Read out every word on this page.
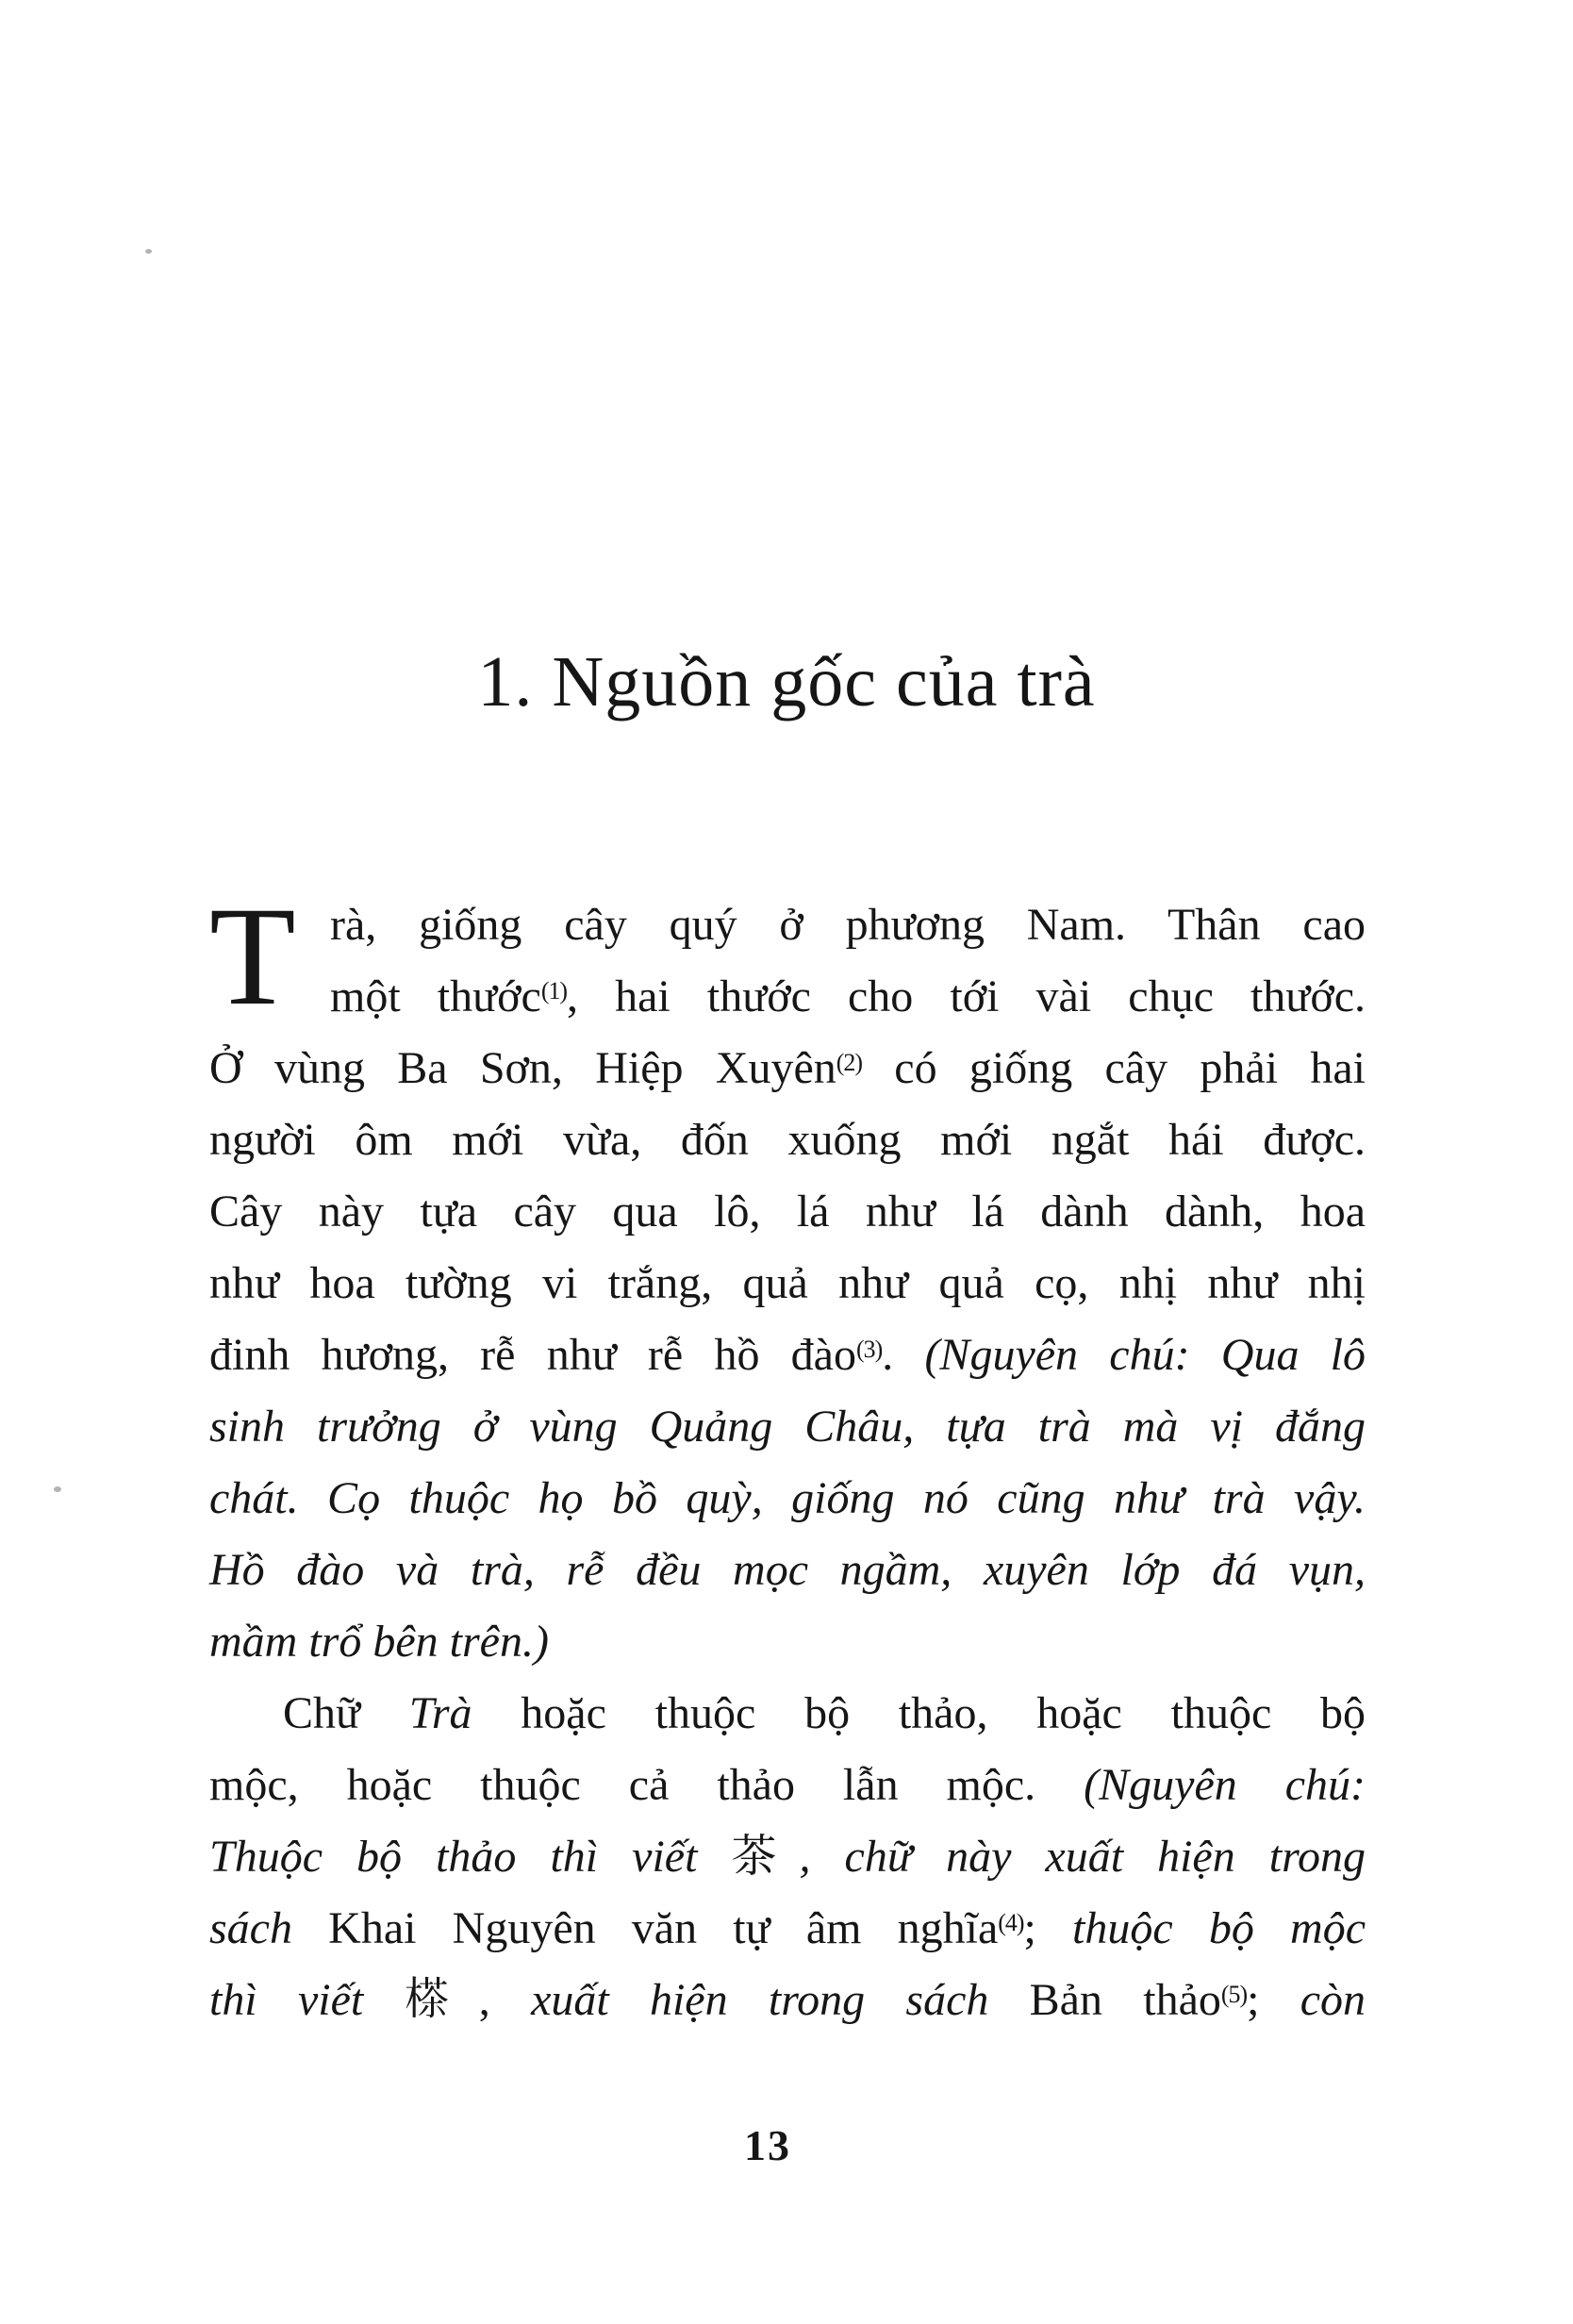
1. Nguồn gốc của trà
T rà, giống cây quý ở phương Nam. Thân cao
một thước$^{(1)}$, hai thước cho tới vài chục thước.
Ở vùng Ba Sơn, Hiệp Xuyên$^{(2)}$ có giống cây phải hai
người ôm mới vừa, đốn xuống mới ngắt hái được.
Cây này tựa cây qua lô, lá như lá dành dành, hoa
như hoa tường vi trắng, quả như quả cọ, nhị như nhị
đinh hương, rễ như rễ hồ đào$^{(3)}$. (Nguyên chú: Qua lô
sinh trưởng ở vùng Quảng Châu, tựa trà mà vị đắng
chát. Cọ thuộc họ bồ quỳ, giống nó cũng như trà vậy.
Hồ đào và trà, rễ đều mọc ngầm, xuyên lớp đá vụn,
mầm trổ bên trên.)
Chữ Trà hoặc thuộc bộ thảo, hoặc thuộc bộ
mộc, hoặc thuộc cả thảo lẫn mộc. (Nguyên chú:
Thuộc bộ thảo thì viết 茶, chữ này xuất hiện trong
sách Khai Nguyên văn tự âm nghĩa$^{(4)}$; thuộc bộ mộc
thì viết 𣗪, xuất hiện trong sách Bản thảo$^{(5)}$; còn
13
